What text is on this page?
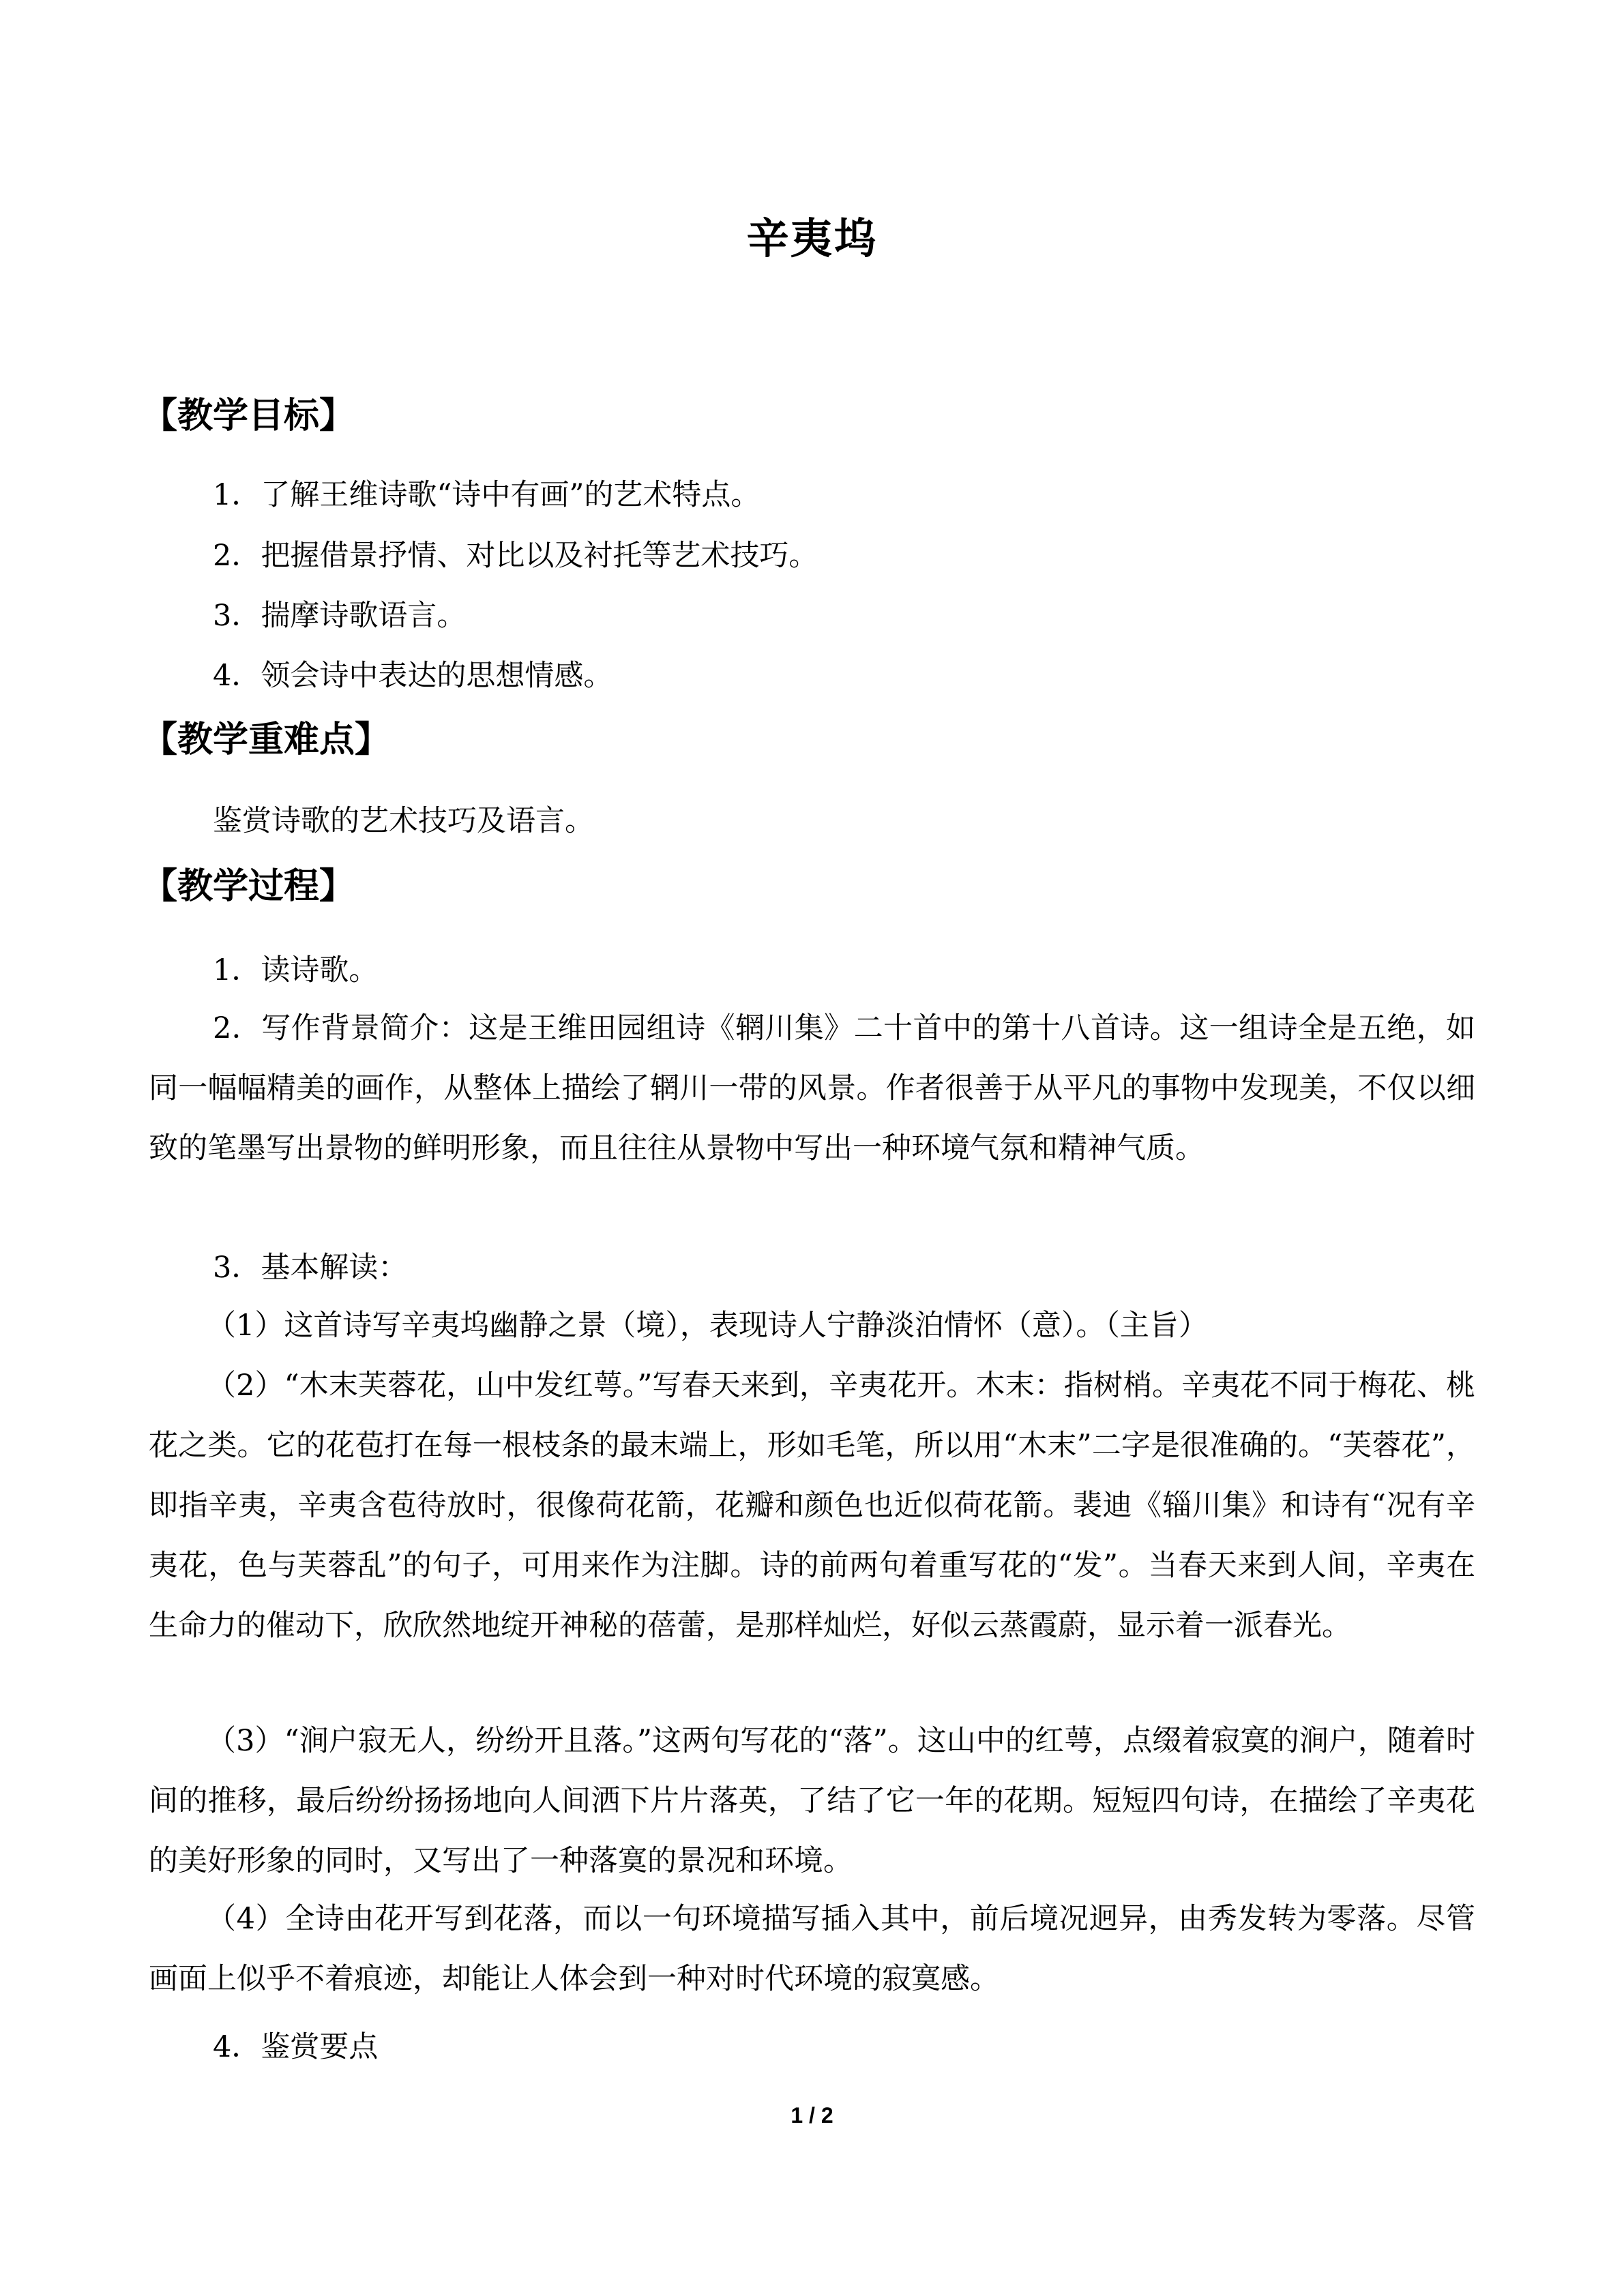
辛夷坞
【教学目标】
1．了解王维诗歌“诗中有画”的艺术特点。
2．把握借景抒情、对比以及衬托等艺术技巧。
3．揣摩诗歌语言。
4．领会诗中表达的思想情感。
【教学重难点】
鉴赏诗歌的艺术技巧及语言。
【教学过程】
1．读诗歌。
2．写作背景简介：这是王维田园组诗《辋川集》二十首中的第十八首诗。这一组诗全是五绝，如同一幅幅精美的画作，从整体上描绘了辋川一带的风景。作者很善于从平凡的事物中发现美，不仅以细致的笔墨写出景物的鲜明形象，而且往往从景物中写出一种环境气氛和精神气质。
3．基本解读：
（1）这首诗写辛夷坞幽静之景（境），表现诗人宁静淡泊情怀（意）。（主旨）
（2）“木末芙蓉花，山中发红萼。”写春天来到，辛夷花开。木末：指树梢。辛夷花不同于梅花、桃花之类。它的花苞打在每一根枝条的最末端上，形如毛笔，所以用“木末”二字是很准确的。“芙蓉花”，即指辛夷，辛夷含苞待放时，很像荷花箭，花瓣和颜色也近似荷花箭。裴迪《辎川集》和诗有“况有辛夷花，色与芙蓉乱”的句子，可用来作为注脚。诗的前两句着重写花的“发”。当春天来到人间，辛夷在生命力的催动下，欣欣然地绽开神秘的蓓蕾，是那样灿烂，好似云蒸霞蔚，显示着一派春光。
（3）“涧户寂无人，纷纷开且落。”这两句写花的“落”。这山中的红萼，点缀着寂寞的涧户，随着时间的推移，最后纷纷扬扬地向人间洒下片片落英，了结了它一年的花期。短短四句诗，在描绘了辛夷花的美好形象的同时，又写出了一种落寞的景况和环境。
（4）全诗由花开写到花落，而以一句环境描写插入其中，前后境况迥异，由秀发转为零落。尽管画面上似乎不着痕迹，却能让人体会到一种对时代环境的寂寞感。
4．鉴赏要点
1 / 2
